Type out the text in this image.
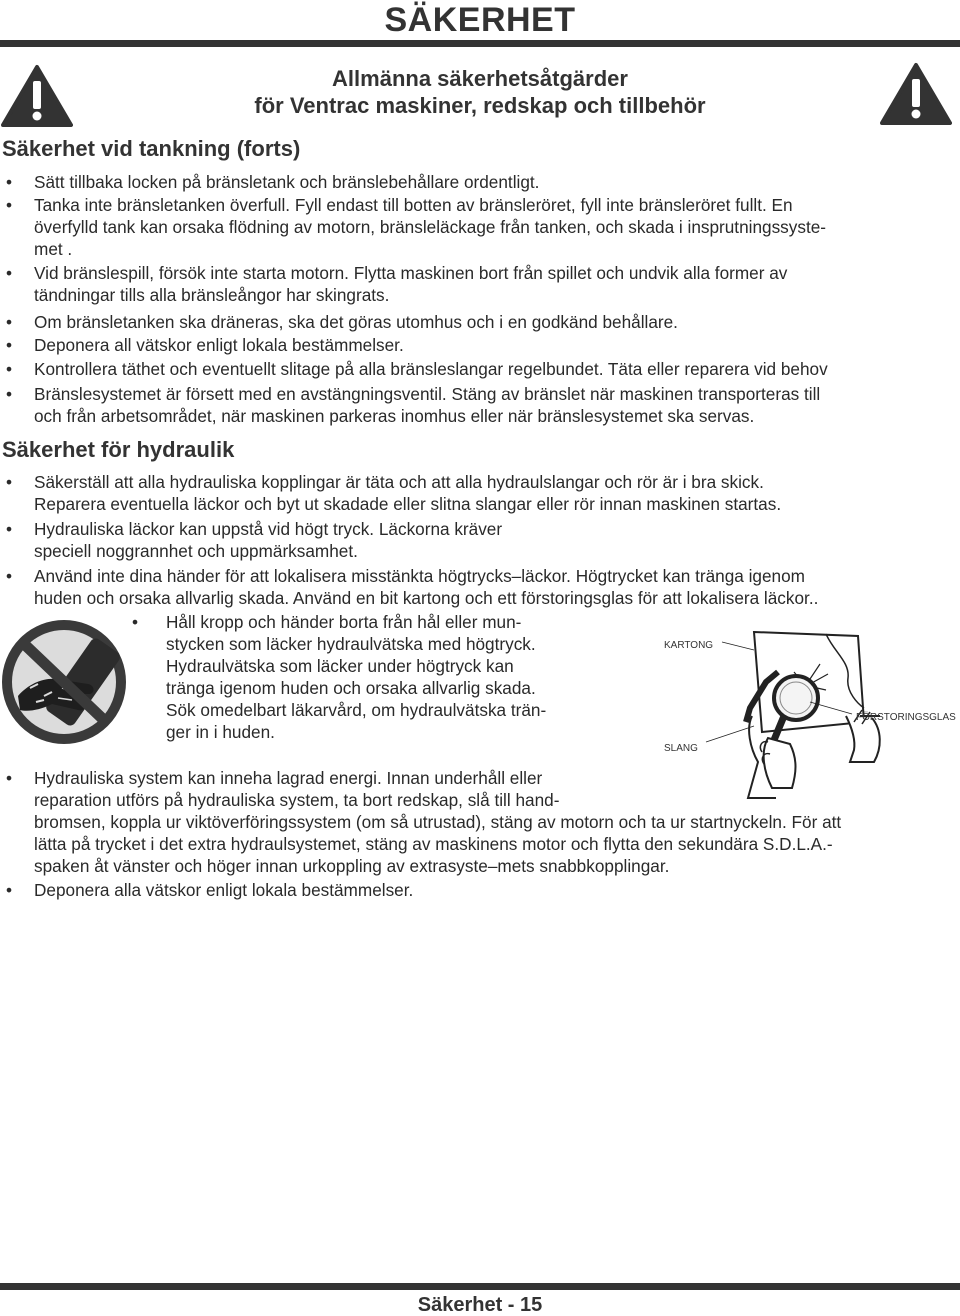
SÄKERHET
Allmänna säkerhetsåtgärder
för Ventrac maskiner, redskap och tillbehör
Säkerhet vid tankning (forts)
• Sätt tillbaka locken på bränsletank och bränslebehållare ordentligt.
• Tanka inte bränsletanken överfull. Fyll endast till botten av bränsleröret, fyll inte bränsleröret fullt. En
överfylld tank kan orsaka flödning av motorn, bränsleläckage från tanken, och skada i insprutningssyste-
met .
• Vid bränslespill, försök inte starta motorn. Flytta maskinen bort från spillet och undvik alla former av
tändningar tills alla bränsleångor har skingrats.
• Om bränsletanken ska dräneras, ska det göras utomhus och i en godkänd behållare.
• Deponera all vätskor enligt lokala bestämmelser.
• Kontrollera täthet och eventuellt slitage på alla bränsleslangar regelbundet. Täta eller reparera vid behov
• Bränslesystemet är försett med en avstängningsventil. Stäng av bränslet när maskinen transporteras till
och från arbetsområdet, när maskinen parkeras inomhus eller när bränslesystemet ska servas.
Säkerhet för hydraulik
• Säkerställ att alla hydrauliska kopplingar är täta och att alla hydraulslangar och rör är i bra skick.
Reparera eventuella läckor och byt ut skadade eller slitna slangar eller rör innan maskinen startas.
• Hydrauliska läckor kan uppstå vid högt tryck. Läckorna kräver
speciell noggrannhet och uppmärksamhet.
• Använd inte dina händer för att lokalisera misstänkta högtrycks–läckor. Högtrycket kan tränga igenom
huden och orsaka allvarlig skada. Använd en bit kartong och ett förstoringsglas för att lokalisera läckor..
• Håll kropp och händer borta från hål eller mun-
stycken som läcker hydraulvätska med högtryck.
Hydraulvätska som läcker under högtryck kan
tränga igenom huden och orsaka allvarlig skada.
Sök omedelbart läkarvård, om hydraulvätska trän-
ger in i huden.
• Hydrauliska system kan inneha lagrad energi. Innan underhåll eller
reparation utförs på hydrauliska system, ta bort redskap, slå till hand-
bromsen, koppla ur viktöverföringssystem (om så utrustad), stäng av motorn och ta ur startnyckeln. För att
lätta på trycket i det extra hydraulsystemet, stäng av maskinens motor och flytta den sekundära S.D.L.A.-
spaken åt vänster och höger innan urkoppling av extrasyste–mets snabbkopplingar.
• Deponera alla vätskor enligt lokala bestämmelser.
KARTONG
FÖRSTORINGSGLAS
SLANG
Säkerhet - 15
